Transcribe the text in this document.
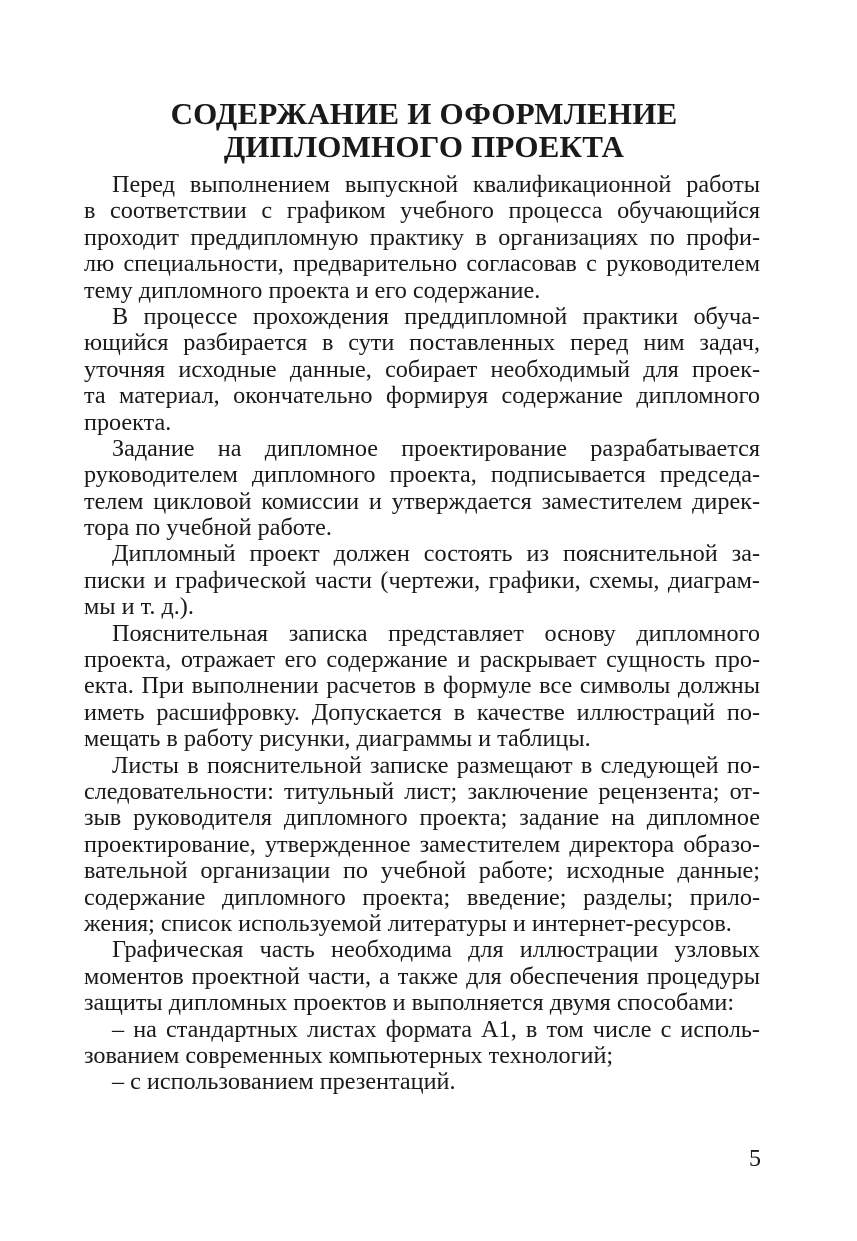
СОДЕРЖАНИЕ И ОФОРМЛЕНИЕ
ДИПЛОМНОГО ПРОЕКТА
Перед выполнением выпускной квалификационной работы
в соответствии с графиком учебного процесса обучающийся
проходит преддипломную практику в организациях по профи-
лю специальности, предварительно согласовав с руководителем
тему дипломного проекта и его содержание.
В процессе прохождения преддипломной практики обуча-
ющийся разбирается в сути поставленных перед ним задач,
уточняя исходные данные, собирает необходимый для проек-
та материал, окончательно формируя содержание дипломного
проекта.
Задание на дипломное проектирование разрабатывается
руководителем дипломного проекта, подписывается председа-
телем цикловой комиссии и утверждается заместителем дирек-
тора по учебной работе.
Дипломный проект должен состоять из пояснительной за-
писки и графической части (чертежи, графики, схемы, диаграм-
мы и т. д.).
Пояснительная записка представляет основу дипломного
проекта, отражает его содержание и раскрывает сущность про-
екта. При выполнении расчетов в формуле все символы должны
иметь расшифровку. Допускается в качестве иллюстраций по-
мещать в работу рисунки, диаграммы и таблицы.
Листы в пояснительной записке размещают в следующей по-
следовательности: титульный лист; заключение рецензента; от-
зыв руководителя дипломного проекта; задание на дипломное
проектирование, утвержденное заместителем директора образо-
вательной организации по учебной работе; исходные данные;
содержание дипломного проекта; введение; разделы; прило-
жения; список используемой литературы и интернет-ресурсов.
Графическая часть необходима для иллюстрации узловых
моментов проектной части, а также для обеспечения процедуры
защиты дипломных проектов и выполняется двумя способами:
– на стандартных листах формата А1, в том числе с исполь-
зованием современных компьютерных технологий;
– с использованием презентаций.
5
